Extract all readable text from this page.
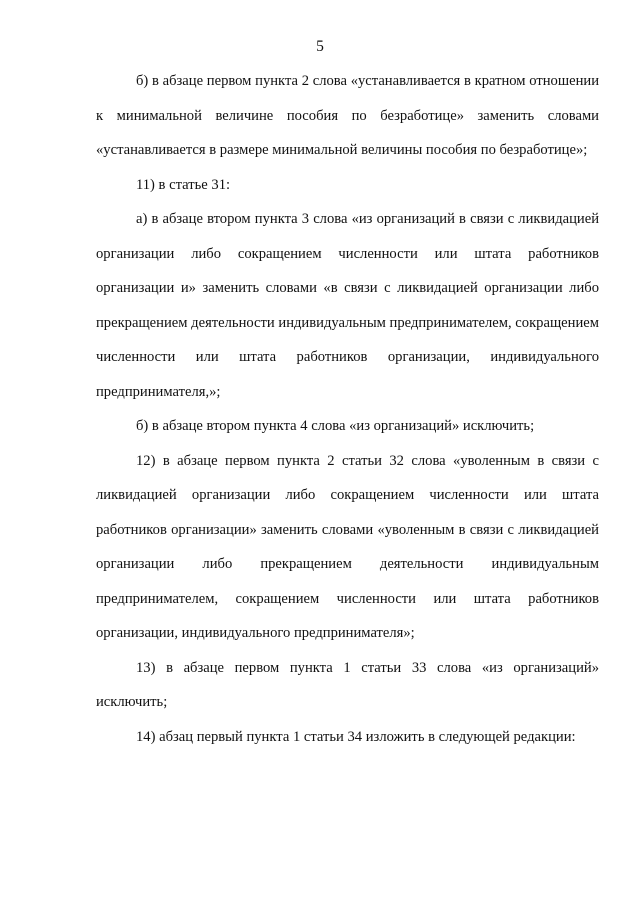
5

б) в абзаце первом пункта 2 слова «устанавливается в кратном отношении к минимальной величине пособия по безработице» заменить словами «устанавливается в размере минимальной величины пособия по безработице»;

11) в статье 31:

а) в абзаце втором пункта 3 слова «из организаций в связи с ликвидацией организации либо сокращением численности или штата работников организации и» заменить словами «в связи с ликвидацией организации либо прекращением деятельности индивидуальным предпринимателем, сокращением численности или штата работников организации, индивидуального предпринимателя,»;

б) в абзаце втором пункта 4 слова «из организаций» исключить;

12) в абзаце первом пункта 2 статьи 32 слова «уволенным в связи с ликвидацией организации либо сокращением численности или штата работников организации» заменить словами «уволенным в связи с ликвидацией организации либо прекращением деятельности индивидуальным предпринимателем, сокращением численности или штата работников организации, индивидуального предпринимателя»;

13) в абзаце первом пункта 1 статьи 33 слова «из организаций» исключить;

14) абзац первый пункта 1 статьи 34 изложить в следующей редакции:
